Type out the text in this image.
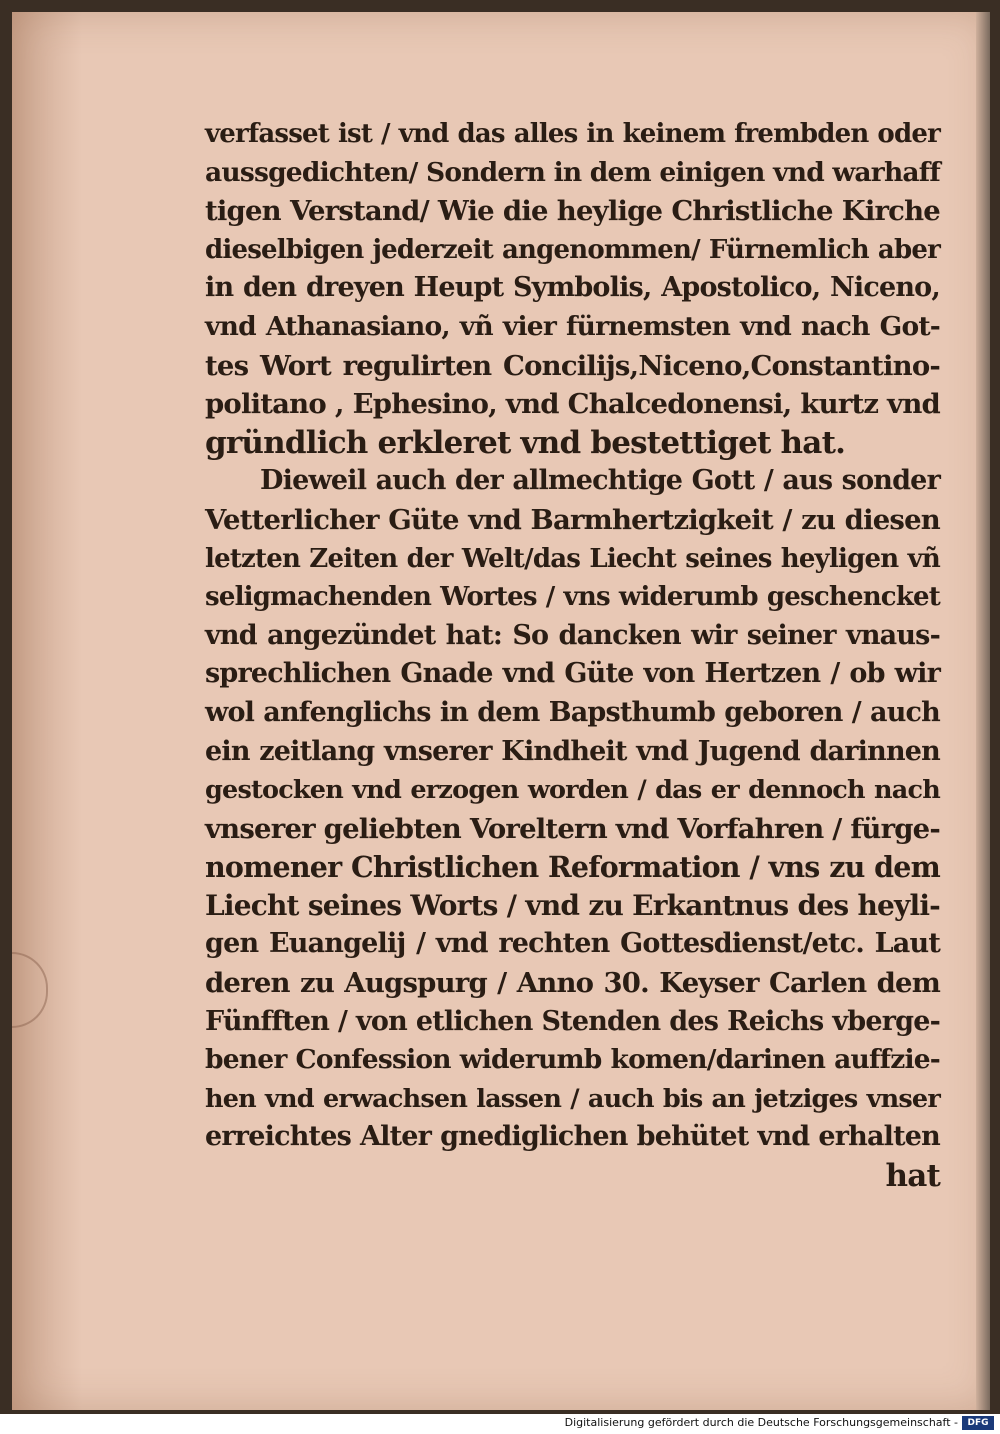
verfasset ist / vnd das alles in keinem frembden oder
aussgedichten/ Sondern in dem einigen vnd warhaff
tigen Verstand/ Wie die heylige Christliche Kirche
dieselbigen jederzeit angenommen/ Fürnemlich aber
in den dreyen Heupt Symbolis, Apostolico, Niceno,
vnd Athanasiano, vñ vier fürnemsten vnd nach Got-
tes Wort regulirten Concilijs,Niceno,Constantino-
politano , Ephesino, vnd Chalcedonensi, kurtz vnd
gründlich erkleret vnd bestettiget hat.
Dieweil auch der allmechtige Gott / aus sonder
Vetterlicher Güte vnd Barmhertzigkeit / zu diesen
letzten Zeiten der Welt/das Liecht seines heyligen vñ
seligmachenden Wortes / vns widerumb geschencket
vnd angezündet hat: So dancken wir seiner vnaus-
sprechlichen Gnade vnd Güte von Hertzen / ob wir
wol anfenglichs in dem Bapsthumb geboren / auch
ein zeitlang vnserer Kindheit vnd Jugend darinnen
gestocken vnd erzogen worden / das er dennoch nach
vnserer geliebten Voreltern vnd Vorfahren / fürge-
nomener Christlichen Reformation / vns zu dem
Liecht seines Worts / vnd zu Erkantnus des heyli-
gen Euangelij / vnd rechten Gottesdienst/etc. Laut
deren zu Augspurg / Anno 30. Keyser Carlen dem
Fünfften / von etlichen Stenden des Reichs vberge-
bener Confession widerumb komen/darinen auffzie-
hen vnd erwachsen lassen / auch bis an jetziges vnser
erreichtes Alter gnediglichen behütet vnd erhalten
hat
Digitalisierung gefördert durch die Deutsche Forschungsgemeinschaft -	DFG
